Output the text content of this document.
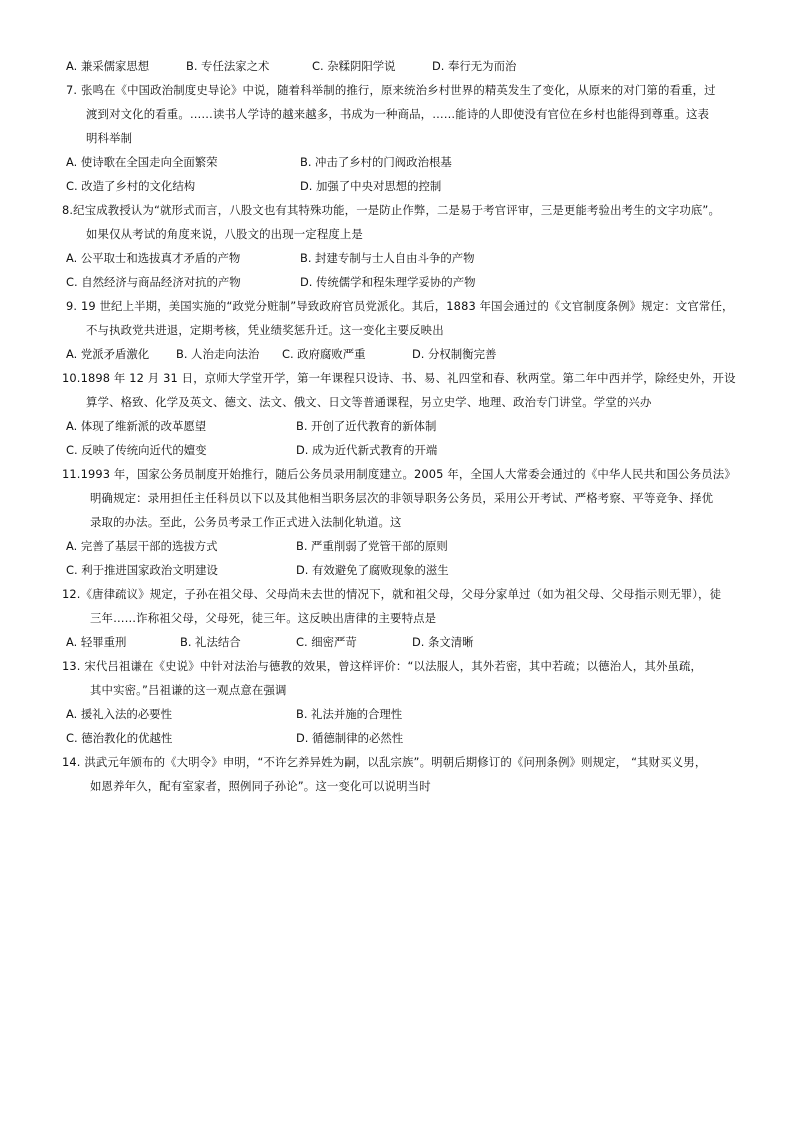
A. 兼采儒家思想	B. 专任法家之术	C. 杂糅阴阳学说	D. 奉行无为而治
7. 张鸣在《中国政治制度史导论》中说，随着科举制的推行，原来统治乡村世界的精英发生了变化，从原来的对门第的看重，过
渡到对文化的看重。……读书人学诗的越来越多，书成为一种商品，……能诗的人即使没有官位在乡村也能得到尊重。这表
明科举制
A. 使诗歌在全国走向全面繁荣	B. 冲击了乡村的门阀政治根基
C. 改造了乡村的文化结构	D. 加强了中央对思想的控制
8.纪宝成教授认为“就形式而言，八股文也有其特殊功能，一是防止作弊，二是易于考官评审，三是更能考验出考生的文字功底”。
如果仅从考试的角度来说，八股文的出现一定程度上是
A. 公平取士和选拔真才矛盾的产物	B. 封建专制与士人自由斗争的产物
C. 自然经济与商品经济对抗的产物	D. 传统儒学和程朱理学妥协的产物
9. 19 世纪上半期，美国实施的“政党分赃制”导致政府官员党派化。其后，1883 年国会通过的《文官制度条例》规定：文官常任，
不与执政党共进退，定期考核，凭业绩奖惩升迁。这一变化主要反映出
A. 党派矛盾激化 B. 人治走向法治 C. 政府腐败严重	D. 分权制衡完善
10.1898 年 12 月 31 日，京师大学堂开学，第一年课程只设诗、书、易、礼四堂和春、秋两堂。第二年中西并学，除经史外，开设
算学、格致、化学及英文、德文、法文、俄文、日文等普通课程，另立史学、地理、政治专门讲堂。学堂的兴办
A. 体现了维新派的改革愿望	B. 开创了近代教育的新体制
C. 反映了传统向近代的嬗变	D. 成为近代新式教育的开端
11.1993 年，国家公务员制度开始推行，随后公务员录用制度建立。2005 年，全国人大常委会通过的《中华人民共和国公务员法》
明确规定：录用担任主任科员以下以及其他相当职务层次的非领导职务公务员，采用公开考试、严格考察、平等竞争、择优
录取的办法。至此，公务员考录工作正式进入法制化轨道。这
A. 完善了基层干部的选拔方式	B. 严重削弱了党管干部的原则
C. 利于推进国家政治文明建设	D. 有效避免了腐败现象的滋生
12.《唐律疏议》规定，子孙在祖父母、父母尚未去世的情况下，就和祖父母，父母分家单过（如为祖父母、父母指示则无罪），徒
三年……诈称祖父母，父母死，徒三年。这反映出唐律的主要特点是
A. 轻罪重刑	B. 礼法结合	C. 细密严苛	D. 条文清晰
13. 宋代吕祖谦在《史说》中针对法治与德教的效果，曾这样评价：“以法服人，其外若密，其中若疏；以德治人，其外虽疏，
其中实密。”吕祖谦的这一观点意在强调
A. 援礼入法的必要性	B. 礼法并施的合理性
C. 德治教化的优越性	D. 循德制律的必然性
14. 洪武元年颁布的《大明令》申明，“不许乞养异姓为嗣，以乱宗族”。明朝后期修订的《问刑条例》则规定， “其财买义男，
如恩养年久，配有室家者，照例同子孙论”。这一变化可以说明当时
